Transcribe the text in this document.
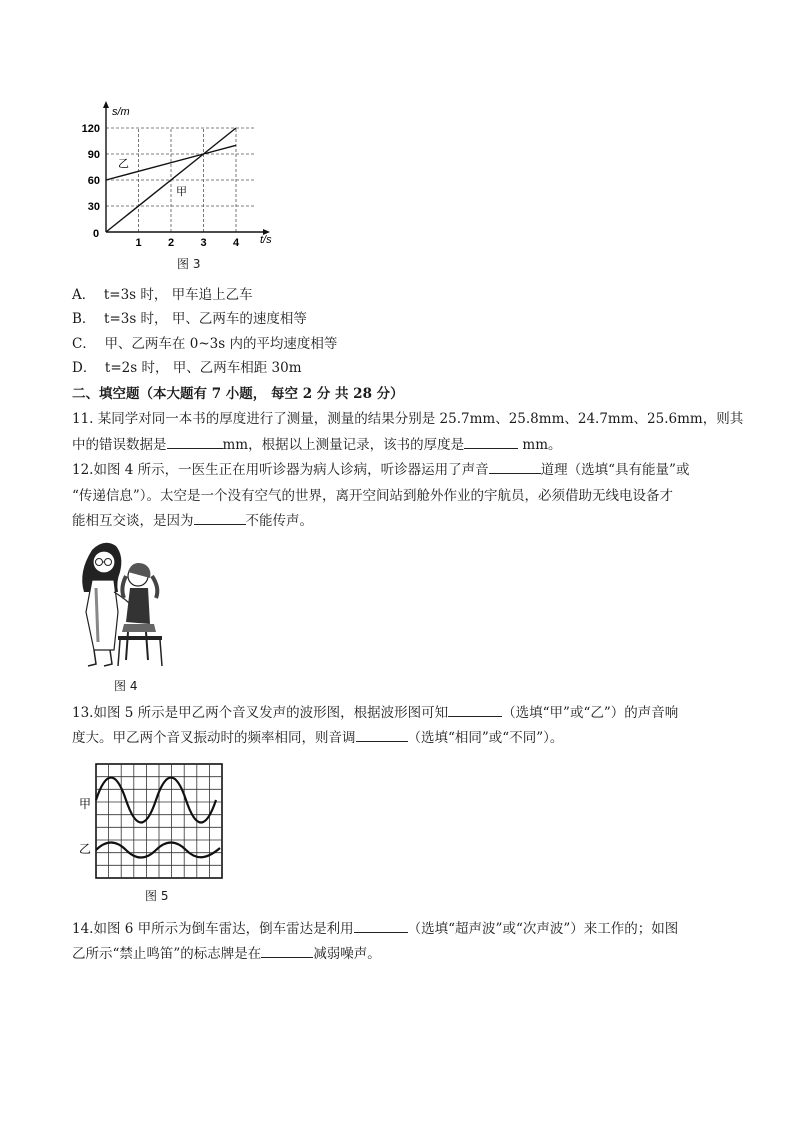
s/m
t/s
0
乙
甲
30
60
90
120
1 2 3 4
图 3
A． t=3s 时， 甲车追上乙车
B． t=3s 时， 甲、乙两车的速度相等
C． 甲、乙两车在 0~3s 内的平均速度相等
D． t=2s 时， 甲、乙两车相距 30m
二、填空题（本大题有 7 小题， 每空 2 分 共 28 分）
11. 某同学对同一本书的厚度进行了测量，测量的结果分别是 25.7mm、25.8mm、24.7mm、25.6mm，则其
中的错误数据是	mm，根据以上测量记录，该书的厚度是	mm。
12.如图 4 所示，一医生正在用听诊器为病人诊病，听诊器运用了声音	道理（选填“具有能量”或
“传递信息”）。太空是一个没有空气的世界，离开空间站到舱外作业的宇航员，必须借助无线电设备才
能相互交谈，是因为	不能传声。
图 4
13.如图 5 所示是甲乙两个音叉发声的波形图，根据波形图可知	（选填“甲”或“乙”）的声音响
度大。甲乙两个音叉振动时的频率相同，则音调	（选填“相同”或“不同”）。
甲
乙
图 5
14.如图 6 甲所示为倒车雷达，倒车雷达是利用	（选填“超声波”或“次声波”）来工作的；如图
乙所示“禁止鸣笛”的标志牌是在	减弱噪声。
